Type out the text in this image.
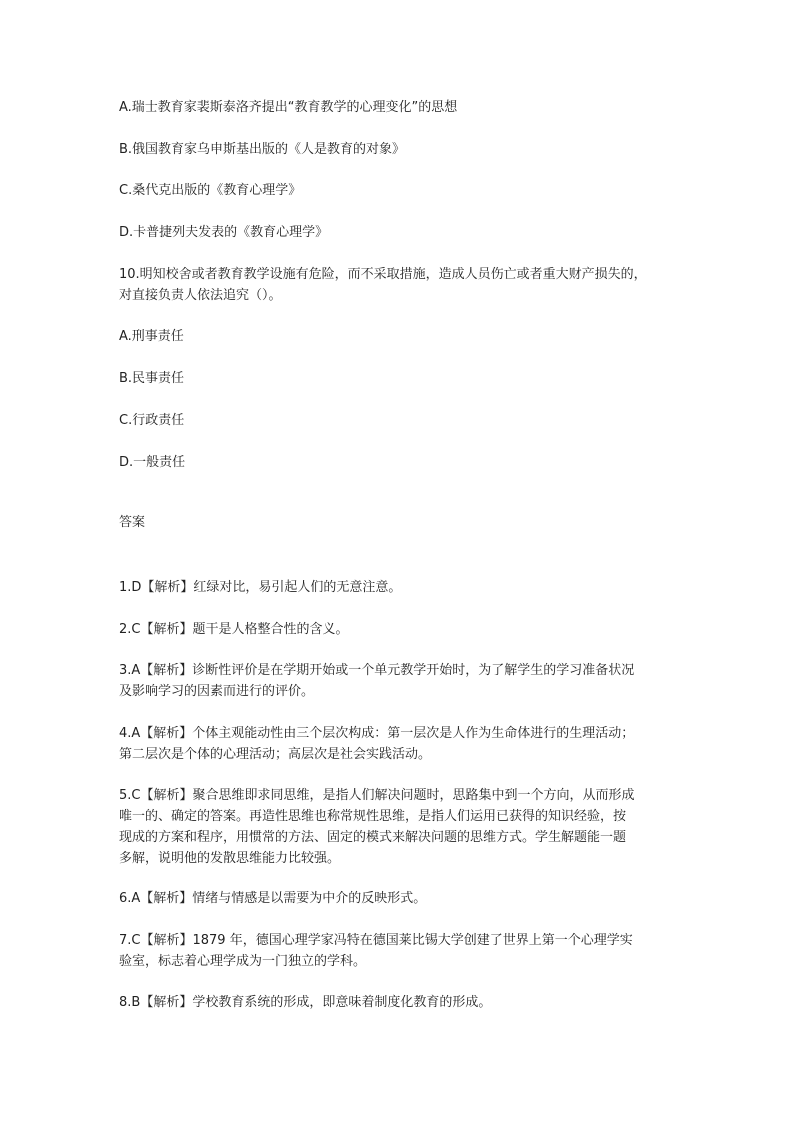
A.瑞士教育家裴斯泰洛齐提出“教育教学的心理变化”的思想
B.俄国教育家乌申斯基出版的《人是教育的对象》
C.桑代克出版的《教育心理学》
D.卡普捷列夫发表的《教育心理学》
10.明知校舍或者教育教学设施有危险，而不采取措施，造成人员伤亡或者重大财产损失的，
对直接负责人依法追究（）。
A.刑事责任
B.民事责任
C.行政责任
D.一般责任
答案
1.D【解析】红绿对比，易引起人们的无意注意。
2.C【解析】题干是人格整合性的含义。
3.A【解析】诊断性评价是在学期开始或一个单元教学开始时，为了解学生的学习准备状况
及影响学习的因素而进行的评价。
4.A【解析】个体主观能动性由三个层次构成：第一层次是人作为生命体进行的生理活动；
第二层次是个体的心理活动；高层次是社会实践活动。
5.C【解析】聚合思维即求同思维，是指人们解决问题时，思路集中到一个方向，从而形成
唯一的、确定的答案。再造性思维也称常规性思维，是指人们运用已获得的知识经验，按
现成的方案和程序，用惯常的方法、固定的模式来解决问题的思维方式。学生解题能一题
多解，说明他的发散思维能力比较强。
6.A【解析】情绪与情感是以需要为中介的反映形式。
7.C【解析】1879 年，德国心理学家冯特在德国莱比锡大学创建了世界上第一个心理学实
验室，标志着心理学成为一门独立的学科。
8.B【解析】学校教育系统的形成，即意味着制度化教育的形成。
